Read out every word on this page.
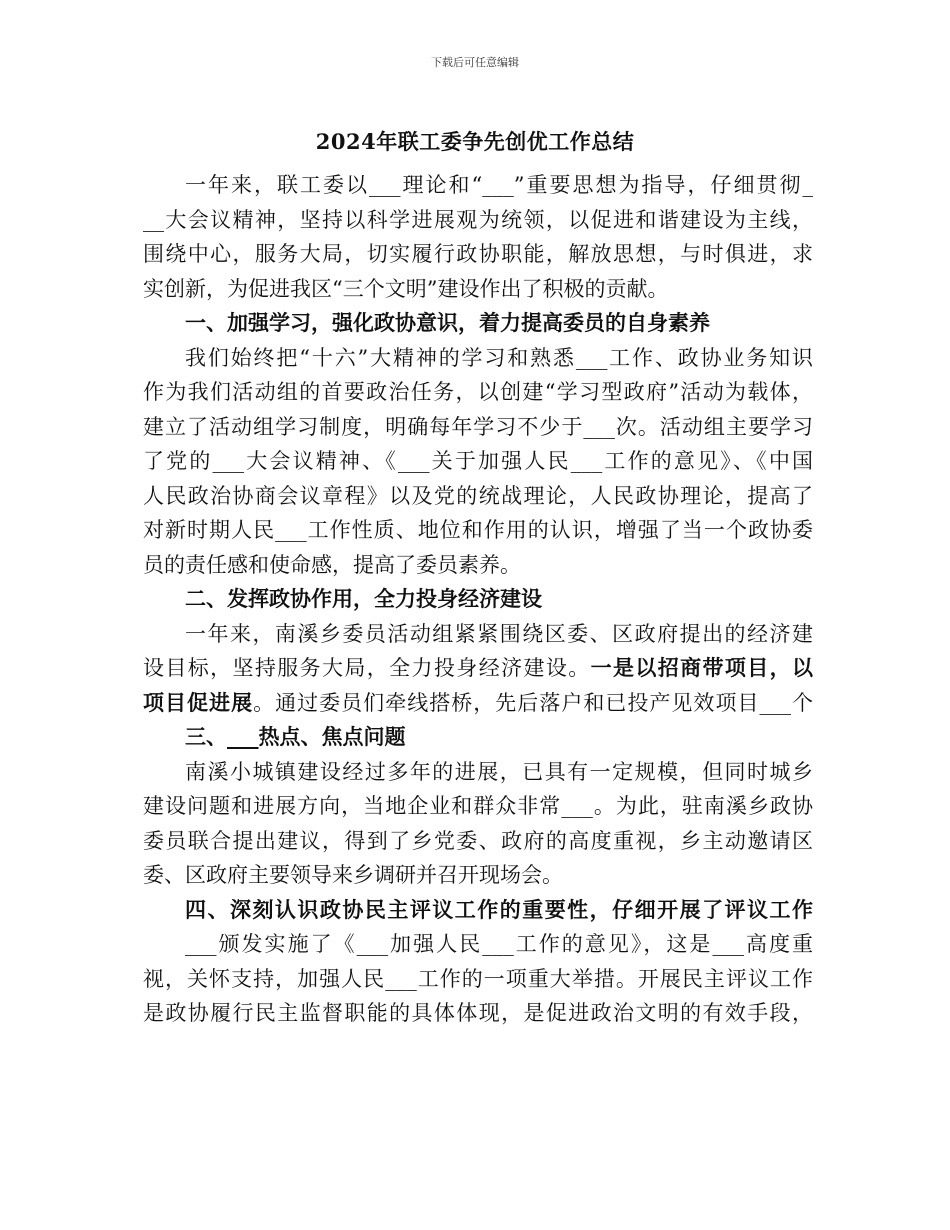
下载后可任意编辑
2024年联工委争先创优工作总结
一年来，联工委以___理论和“___”重要思想为指导，仔细贯彻_
__大会议精神，坚持以科学进展观为统领，以促进和谐建设为主线，
围绕中心，服务大局，切实履行政协职能，解放思想，与时俱进，求
实创新，为促进我区“三个文明”建设作出了积极的贡献。
一、加强学习，强化政协意识，着力提高委员的自身素养
我们始终把“十六”大精神的学习和熟悉___工作、政协业务知识
作为我们活动组的首要政治任务，以创建“学习型政府”活动为载体，
建立了活动组学习制度，明确每年学习不少于___次。活动组主要学习
了党的___大会议精神、《___关于加强人民___工作的意见》、《中国
人民政治协商会议章程》以及党的统战理论，人民政协理论，提高了
对新时期人民___工作性质、地位和作用的认识，增强了当一个政协委
员的责任感和使命感，提高了委员素养。
二、发挥政协作用，全力投身经济建设
一年来，南溪乡委员活动组紧紧围绕区委、区政府提出的经济建
设目标，坚持服务大局，全力投身经济建设。一是以招商带项目，以
项目促进展。通过委员们牵线搭桥，先后落户和已投产见效项目___个
三、___热点、焦点问题
南溪小城镇建设经过多年的进展，已具有一定规模，但同时城乡
建设问题和进展方向，当地企业和群众非常___。为此，驻南溪乡政协
委员联合提出建议，得到了乡党委、政府的高度重视，乡主动邀请区
委、区政府主要领导来乡调研并召开现场会。
四、深刻认识政协民主评议工作的重要性，仔细开展了评议工作
___颁发实施了《___加强人民___工作的意见》，这是___高度重
视，关怀支持，加强人民___工作的一项重大举措。开展民主评议工作
是政协履行民主监督职能的具体体现，是促进政治文明的有效手段，
